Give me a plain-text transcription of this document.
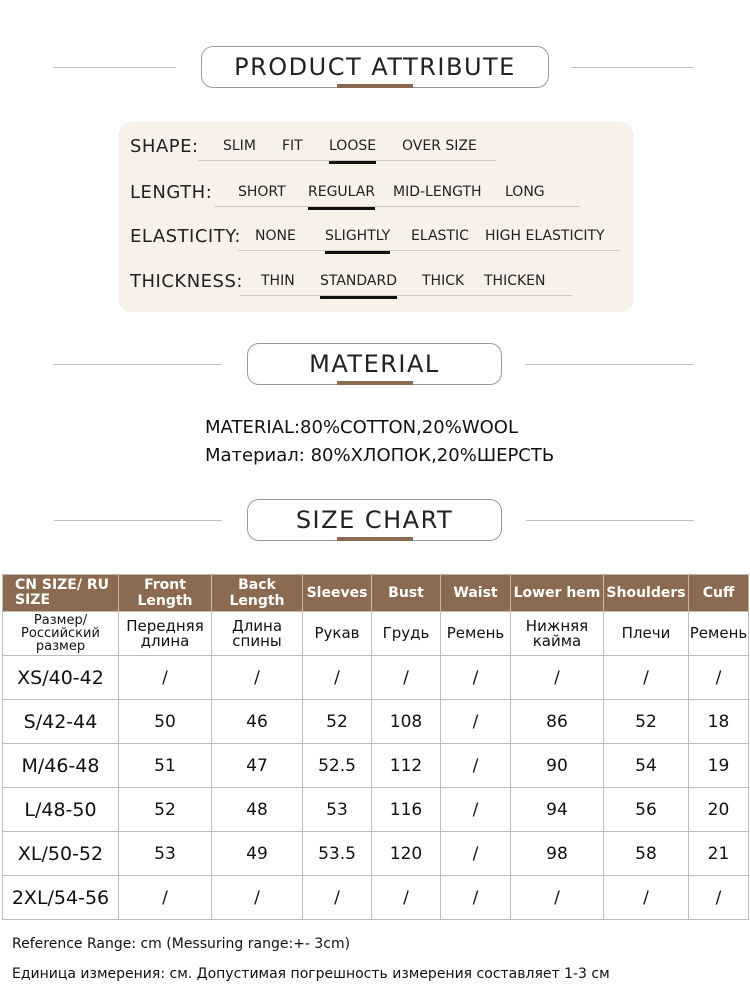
PRODUCT ATTRIBUTE
SHAPE: SLIM FIT LOOSE OVER SIZE
LENGTH: SHORT REGULAR MID-LENGTH LONG
ELASTICITY: NONE SLIGHTLY ELASTIC HIGH ELASTICITY
THICKNESS: THIN STANDARD THICK THICKEN
MATERIAL
MATERIAL:80%COTTON,20%WOOL
Материал: 80%ХЛОПОК,20%ШЕРСТЬ
SIZE CHART
CN SIZE/ RU SIZE	Front Length	Back Length	Sleeves	Bust	Waist	Lower hem	Shoulders	Cuff
Размер/ Российский размер	Передняя длина	Длина спины	Рукав	Грудь	Ремень	Нижняя кайма	Плечи	Ремень
XS/40-42	/	/	/	/	/	/	/	/
S/42-44	50	46	52	108	/	86	52	18
M/46-48	51	47	52.5	112	/	90	54	19
L/48-50	52	48	53	116	/	94	56	20
XL/50-52	53	49	53.5	120	/	98	58	21
2XL/54-56	/	/	/	/	/	/	/	/
Reference Range: cm (Messuring range:+- 3cm)
Единица измерения: см. Допустимая погрешность измерения составляет 1-3 см
